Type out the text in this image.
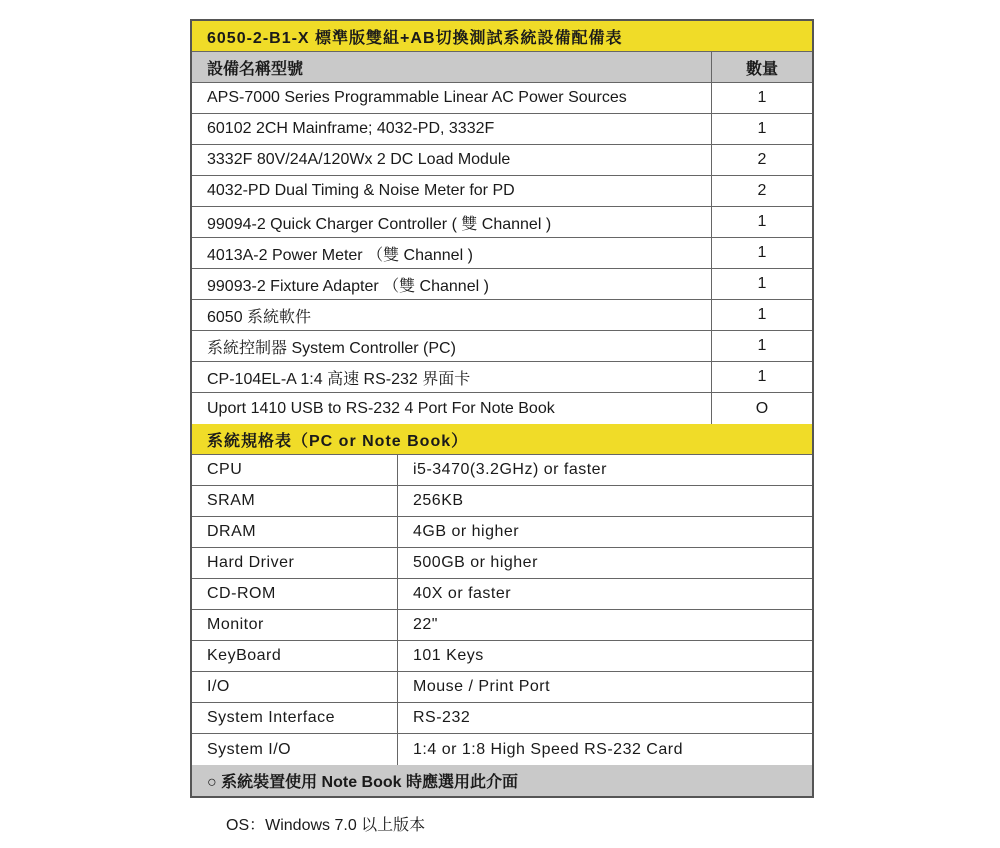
6050-2-B1-X 標準版雙組+AB切換測試系統設備配備表
設備名稱型號	數量
APS-7000 Series Programmable Linear AC Power Sources	1
60102 2CH Mainframe; 4032-PD, 3332F	1
3332F 80V/24A/120Wx 2 DC Load Module	2
4032-PD Dual Timing & Noise Meter for PD	2
99094-2 Quick Charger Controller ( 雙 Channel )	1
4013A-2 Power Meter （雙 Channel )	1
99093-2 Fixture Adapter （雙 Channel )	1
6050 系統軟件	1
系統控制器 System Controller (PC)	1
CP-104EL-A 1:4 高速 RS-232 界面卡	1
Uport 1410 USB to RS-232 4 Port For Note Book	O
系統規格表（PC or Note Book）
CPU	i5-3470(3.2GHz) or faster
SRAM	256KB
DRAM	4GB or higher
Hard Driver	500GB or higher
CD-ROM	40X or faster
Monitor	22"
KeyBoard	101 Keys
I/O	Mouse / Print Port
System Interface	RS-232
System I/O	1:4 or 1:8 High Speed RS-232 Card
○ 系統裝置使用 Note Book 時應選用此介面
OS：Windows 7.0 以上版本
